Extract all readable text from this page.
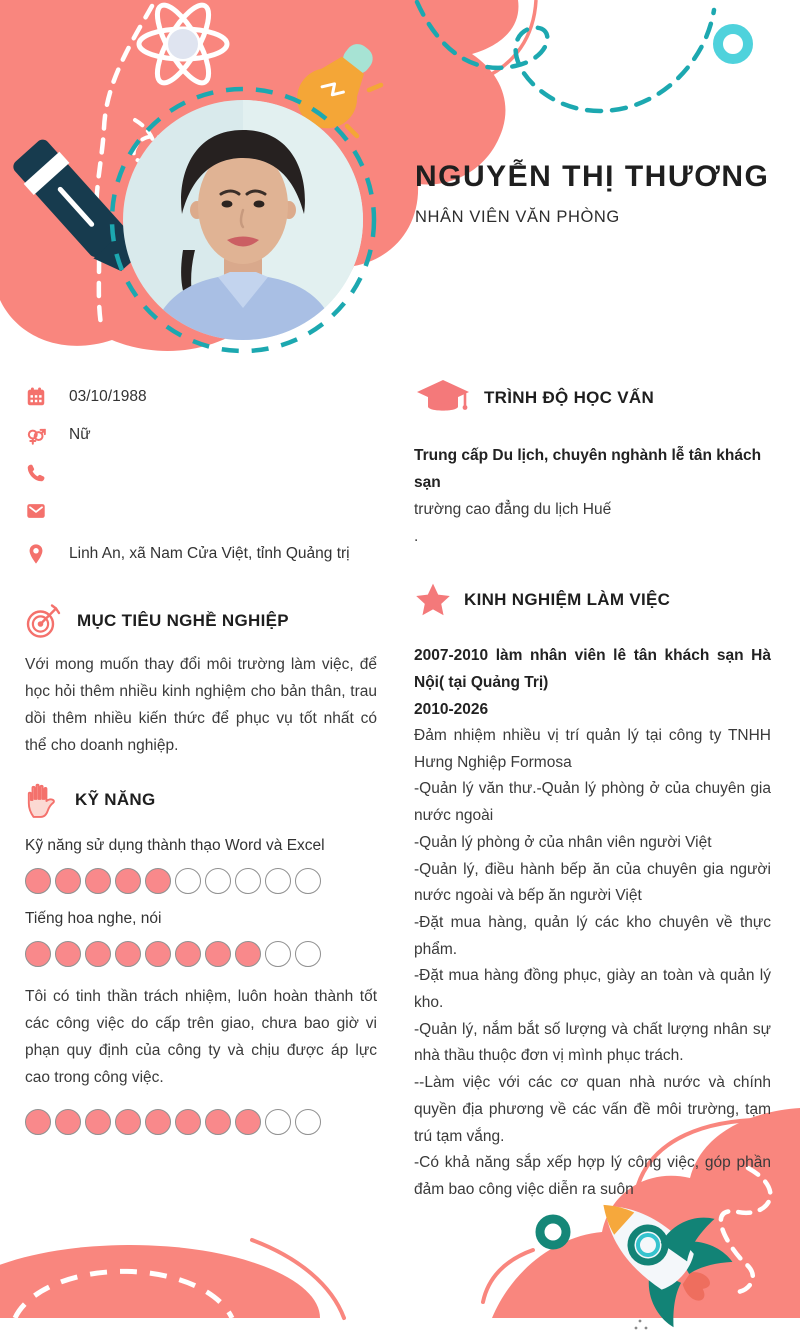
NGUYỄN THỊ THƯƠNG
NHÂN VIÊN VĂN PHÒNG
03/10/1988
Nữ
Linh An, xã Nam Cửa Việt, tỉnh Quảng trị
MỤC TIÊU NGHỀ NGHIỆP
Với mong muốn thay đổi môi trường làm việc, để học hỏi thêm nhiều kinh nghiệm cho bản thân, trau dồi thêm nhiều kiến thức để phục vụ tốt nhất có thể cho doanh nghiệp.
KỸ NĂNG
Kỹ năng sử dụng thành thạo Word và Excel
Tiếng hoa nghe, nói
Tôi có tinh thần trách nhiệm, luôn hoàn thành tốt các công việc do cấp trên giao, chưa bao giờ vi phạn quy định của công ty và chịu được áp lực cao trong công việc.
TRÌNH ĐỘ HỌC VẤN
Trung cấp Du lịch, chuyên nghành lễ tân khách sạn
trường cao đẳng du lịch Huế
.
KINH NGHIỆM LÀM VIỆC
2007-2010 làm nhân viên lê tân khách sạn Hà Nội( tại Quảng Trị)
2010-2026
Đảm nhiệm nhiều vị trí quản lý tại công ty TNHH Hưng Nghiệp Formosa
-Quản lý văn thư.-Quản lý phòng ở của chuyên gia nước ngoài
-Quản lý phòng ở của nhân viên người Việt
-Quản lý, điều hành bếp ăn của chuyên gia người nước ngoài và bếp ăn người Việt
-Đặt mua hàng, quản lý các kho chuyên về thực phẩm.
-Đặt mua hàng đồng phục, giày an toàn và quản lý kho.
-Quản lý, nắm bắt số lượng và chất lượng nhân sự nhà thầu thuộc đơn vị mình phục trách.
--Làm việc với các cơ quan nhà nước và chính quyền địa phương về các vấn đề môi trường, tạm trú tạm vắng.
-Có khả năng sắp xếp hợp lý công việc, góp phần đảm bao công việc diễn ra suôn
